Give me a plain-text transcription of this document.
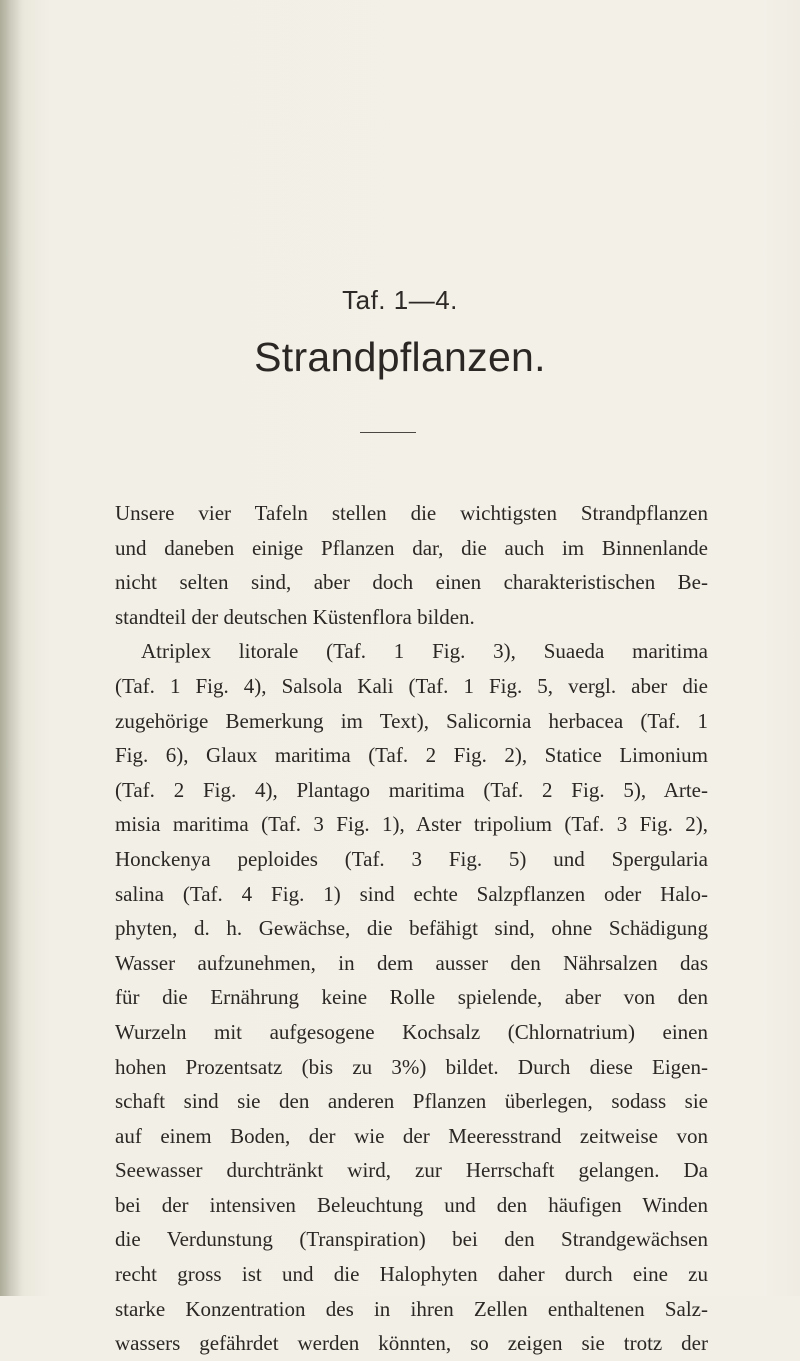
Taf. 1—4.
Strandpflanzen.
Unsere vier Tafeln stellen die wichtigsten Strandpflanzen
und daneben einige Pflanzen dar, die auch im Binnenlande
nicht selten sind, aber doch einen charakteristischen Be-
standteil der deutschen Küstenflora bilden.
Atriplex litorale (Taf. 1 Fig. 3), Suaeda maritima
(Taf. 1 Fig. 4), Salsola Kali (Taf. 1 Fig. 5, vergl. aber die
zugehörige Bemerkung im Text), Salicornia herbacea (Taf. 1
Fig. 6), Glaux maritima (Taf. 2 Fig. 2), Statice Limonium
(Taf. 2 Fig. 4), Plantago maritima (Taf. 2 Fig. 5), Arte-
misia maritima (Taf. 3 Fig. 1), Aster tripolium (Taf. 3 Fig. 2),
Honckenya peploides (Taf. 3 Fig. 5) und Spergularia
salina (Taf. 4 Fig. 1) sind echte Salzpflanzen oder Halo-
phyten, d. h. Gewächse, die befähigt sind, ohne Schädigung
Wasser aufzunehmen, in dem ausser den Nährsalzen das
für die Ernährung keine Rolle spielende, aber von den
Wurzeln mit aufgesogene Kochsalz (Chlornatrium) einen
hohen Prozentsatz (bis zu 3%) bildet. Durch diese Eigen-
schaft sind sie den anderen Pflanzen überlegen, sodass sie
auf einem Boden, der wie der Meeresstrand zeitweise von
Seewasser durchtränkt wird, zur Herrschaft gelangen. Da
bei der intensiven Beleuchtung und den häufigen Winden
die Verdunstung (Transpiration) bei den Strandgewächsen
recht gross ist und die Halophyten daher durch eine zu
starke Konzentration des in ihren Zellen enthaltenen Salz-
wassers gefährdet werden könnten, so zeigen sie trotz der
